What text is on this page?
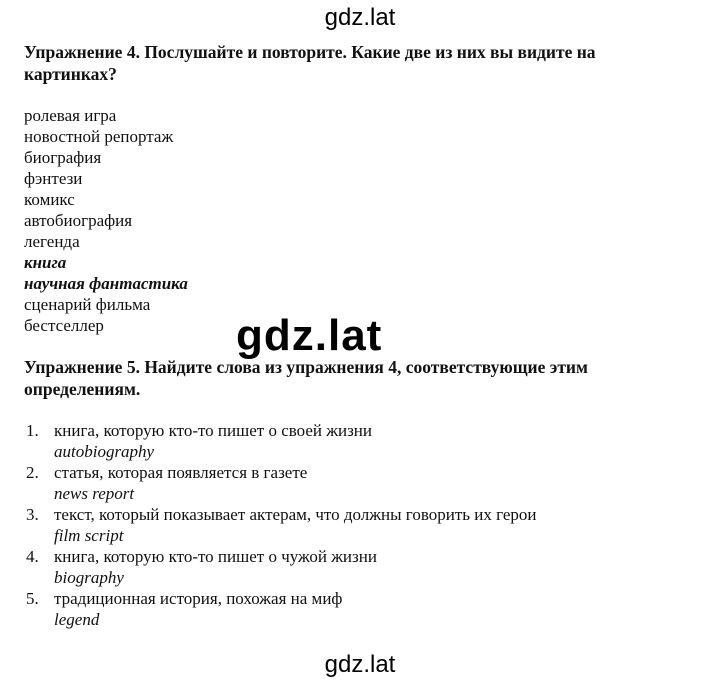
gdz.lat

Упражнение 4. Послушайте и повторите. Какие две из них вы видите на картинках?

ролевая игра
новостной репортаж
биография
фэнтези
комикс
автобиография
легенда
книга
научная фантастика
сценарий фильма
бестселлер	gdz.lat

Упражнение 5. Найдите слова из упражнения 4, соответствующие этим определениям.

1. книга, которую кто-то пишет о своей жизни
autobiography
2. статья, которая появляется в газете
news report
3. текст, который показывает актерам, что должны говорить их герои
film script
4. книга, которую кто-то пишет о чужой жизни
biography
5. традиционная история, похожая на миф
legend
gdz.lat
